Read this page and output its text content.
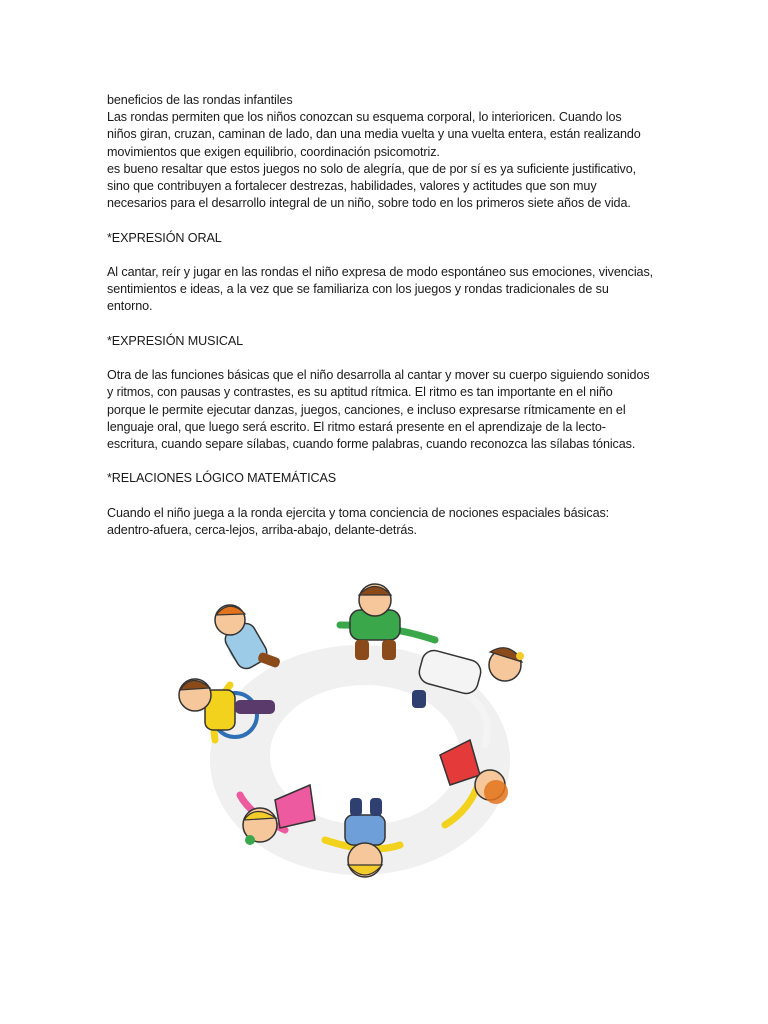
beneficios de las rondas infantiles

Las rondas permiten que los niños conozcan su esquema corporal, lo interioricen. Cuando los

niños giran, cruzan, caminan de lado, dan una media vuelta y una vuelta entera, están realizando

movimientos que exigen equilibrio, coordinación psicomotriz.

es bueno resaltar que estos juegos no solo de alegría, que de por sí es ya suficiente justificativo,

sino que contribuyen a fortalecer destrezas, habilidades, valores y actitudes que son muy

necesarios para el desarrollo integral de un niño, sobre todo en los primeros siete años de vida.

*EXPRESIÓN ORAL

Al cantar, reír y jugar en las rondas el niño expresa de modo espontáneo sus emociones, vivencias,

sentimientos e ideas, a la vez que se familiariza con los juegos y rondas tradicionales de su

entorno.

*EXPRESIÓN MUSICAL

Otra de las funciones básicas que el niño desarrolla al cantar y mover su cuerpo siguiendo sonidos

y ritmos, con pausas y contrastes, es su aptitud rítmica. El ritmo es tan importante en el niño

porque le permite ejecutar danzas, juegos, canciones, e incluso expresarse rítmicamente en el

lenguaje oral, que luego será escrito. El ritmo estará presente en el aprendizaje de la lecto-

escritura, cuando separe sílabas, cuando forme palabras, cuando reconozca las sílabas tónicas.

*RELACIONES LÓGICO MATEMÁTICAS

Cuando el niño juega a la ronda ejercita y toma conciencia de nociones espaciales básicas:

adentro-afuera, cerca-lejos, arriba-abajo, delante-detrás.
